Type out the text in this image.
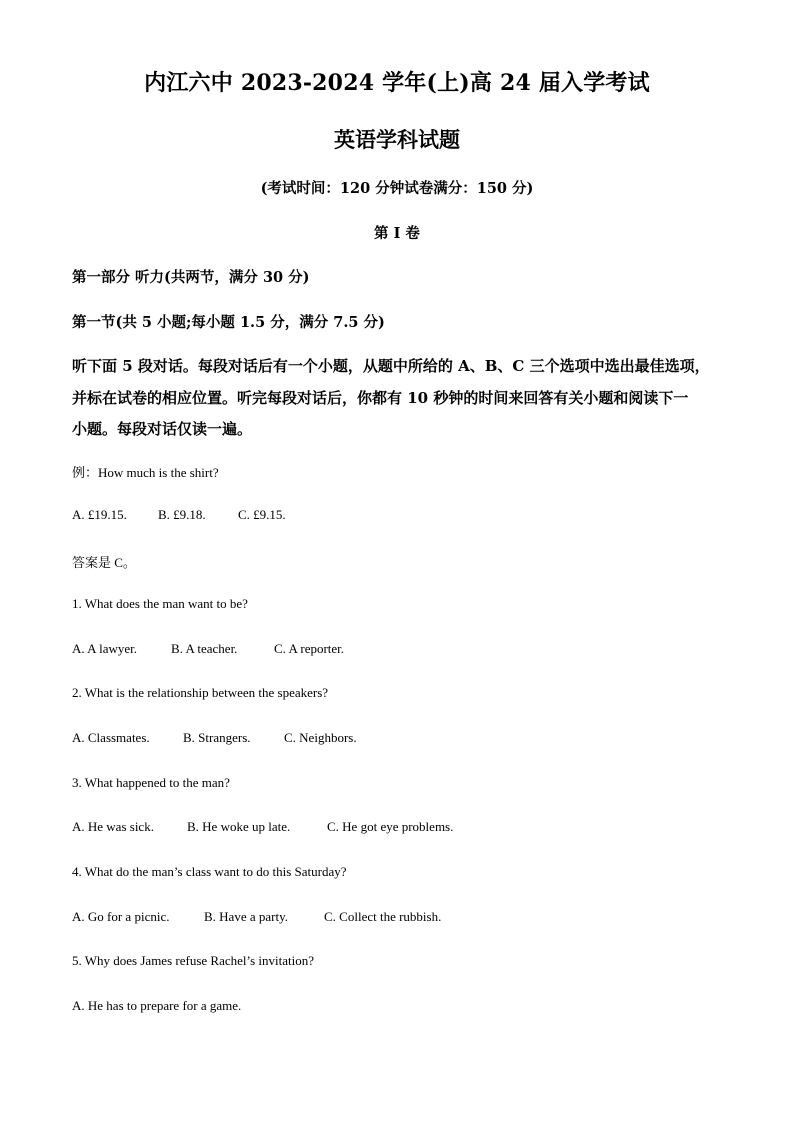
内江六中 2023-2024 学年(上)高 24 届入学考试
英语学科试题
(考试时间：120 分钟试卷满分：150 分)
第 I 卷
第一部分 听力(共两节，满分 30 分)
第一节(共 5 小题;每小题 1.5 分，满分 7.5 分)
听下面 5 段对话。每段对话后有一个小题，从题中所给的 A、B、C 三个选项中选出最佳选项，
并标在试卷的相应位置。听完每段对话后，你都有 10 秒钟的时间来回答有关小题和阅读下一
小题。每段对话仅读一遍。
例：How much is the shirt?
A. £19.15. B. £9.18. C. £9.15.
答案是 C。
1. What does the man want to be?
A. A lawyer.	B. A teacher.	C. A reporter.
2. What is the relationship between the speakers?
A. Classmates.	B. Strangers.	C. Neighbors.
3. What happened to the man?
A. He was sick.	B. He woke up late.	C. He got eye problems.
4. What do the man’s class want to do this Saturday?
A. Go for a picnic.	B. Have a party.	C. Collect the rubbish.
5. Why does James refuse Rachel’s invitation?
A. He has to prepare for a game.
